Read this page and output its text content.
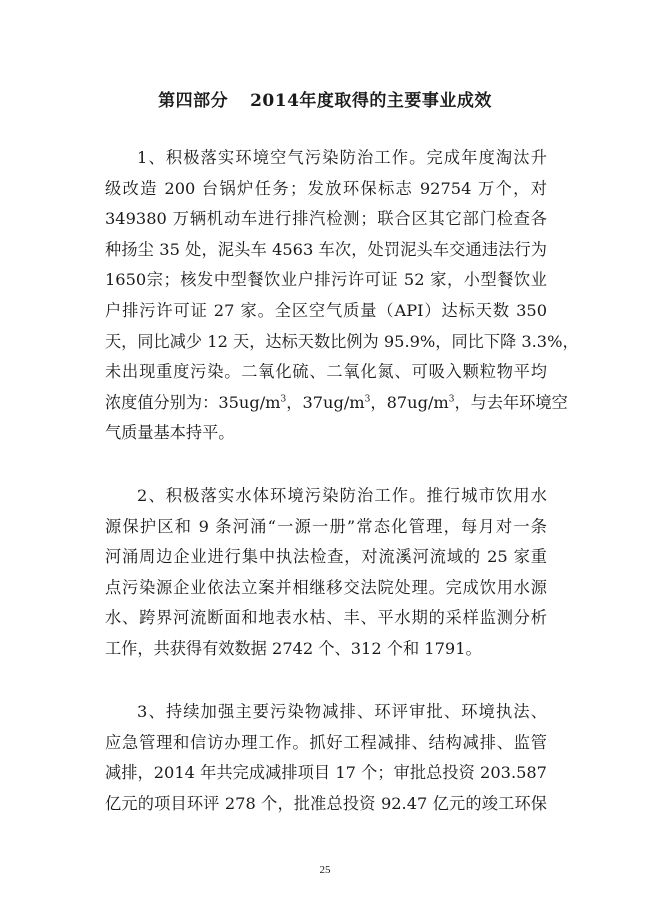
第四部分 2014年度取得的主要事业成效
1、积极落实环境空气污染防治工作。完成年度淘汰升
级改造 200 台锅炉任务；发放环保标志 92754 万个，对
349380 万辆机动车进行排汽检测；联合区其它部门检查各
种扬尘 35 处，泥头车 4563 车次，处罚泥头车交通违法行为
1650宗；核发中型餐饮业户排污许可证 52 家，小型餐饮业
户排污许可证 27 家。全区空气质量（API）达标天数 350
天，同比减少 12 天，达标天数比例为 95.9%，同比下降 3.3%，
未出现重度污染。二氧化硫、二氧化氮、可吸入颗粒物平均
浓度值分别为：$35ug/m^3$，$37ug/m^3$，$87ug/m^3$，与去年环境空
气质量基本持平。
2、积极落实水体环境污染防治工作。推行城市饮用水
源保护区和 9 条河涌“一源一册”常态化管理，每月对一条
河涌周边企业进行集中执法检查，对流溪河流域的 25 家重
点污染源企业依法立案并相继移交法院处理。完成饮用水源
水、跨界河流断面和地表水枯、丰、平水期的采样监测分析
工作，共获得有效数据 2742 个、312 个和 1791。
3、持续加强主要污染物减排、环评审批、环境执法、
应急管理和信访办理工作。抓好工程减排、结构减排、监管
减排，2014 年共完成减排项目 17 个；审批总投资 203.587
亿元的项目环评 278 个，批准总投资 92.47 亿元的竣工环保
25
